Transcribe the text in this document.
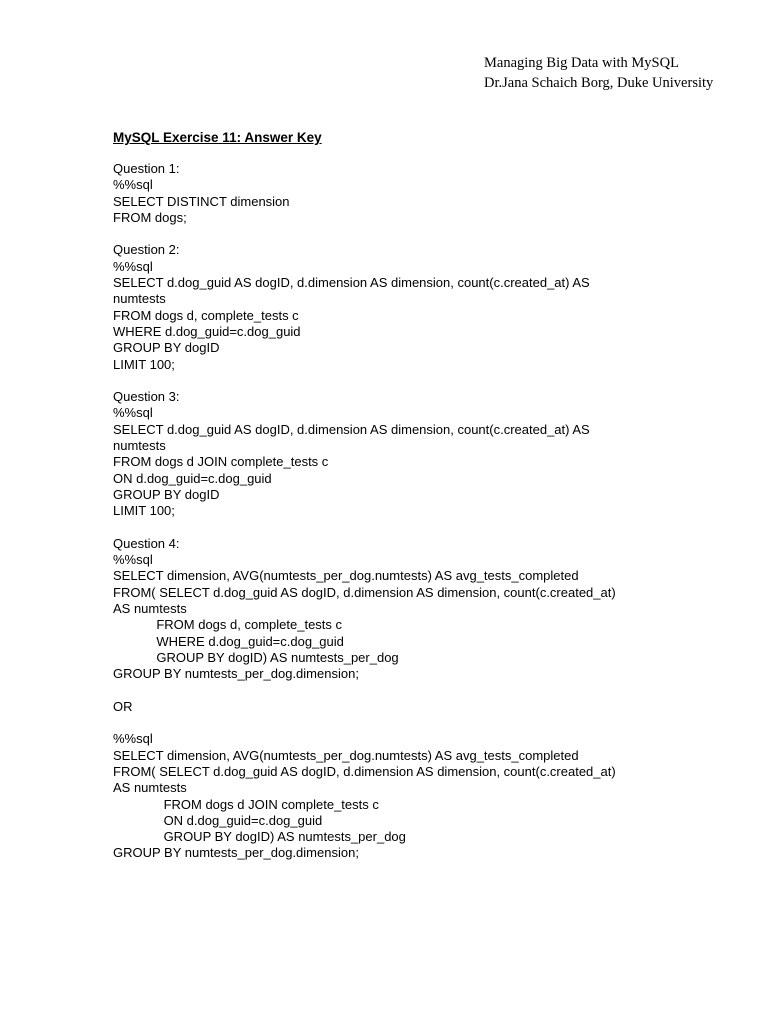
Managing Big Data with MySQL
Dr.Jana Schaich Borg, Duke University
MySQL Exercise 11: Answer Key
Question 1:
%%sql
SELECT DISTINCT dimension
FROM dogs;
Question 2:
%%sql
SELECT d.dog_guid AS dogID, d.dimension AS dimension, count(c.created_at) AS
numtests
FROM dogs d, complete_tests c
WHERE d.dog_guid=c.dog_guid
GROUP BY dogID
LIMIT 100;
Question 3:
%%sql
SELECT d.dog_guid AS dogID, d.dimension AS dimension, count(c.created_at) AS
numtests
FROM dogs d JOIN complete_tests c
ON d.dog_guid=c.dog_guid
GROUP BY dogID
LIMIT 100;
Question 4:
%%sql
SELECT dimension, AVG(numtests_per_dog.numtests) AS avg_tests_completed
FROM( SELECT d.dog_guid AS dogID, d.dimension AS dimension, count(c.created_at)
AS numtests
FROM dogs d, complete_tests c
WHERE d.dog_guid=c.dog_guid
GROUP BY dogID) AS numtests_per_dog
GROUP BY numtests_per_dog.dimension;
OR
%%sql
SELECT dimension, AVG(numtests_per_dog.numtests) AS avg_tests_completed
FROM( SELECT d.dog_guid AS dogID, d.dimension AS dimension, count(c.created_at)
AS numtests
FROM dogs d JOIN complete_tests c
ON d.dog_guid=c.dog_guid
GROUP BY dogID) AS numtests_per_dog
GROUP BY numtests_per_dog.dimension;
